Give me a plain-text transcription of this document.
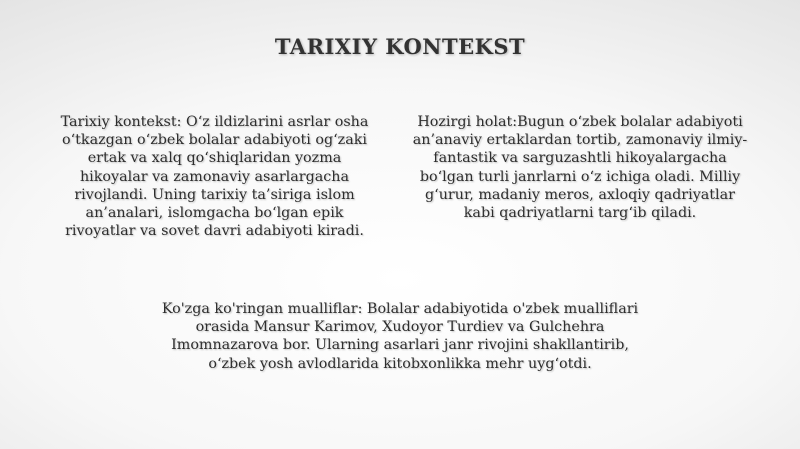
TARIXIY KONTEKST

Tarixiy kontekst: O‘z ildizlarini asrlar osha o‘tkazgan o‘zbek bolalar adabiyoti og‘zaki ertak va xalq qo‘shiqlaridan yozma hikoyalar va zamonaviy asarlargacha rivojlandi. Uning tarixiy ta’siriga islom an’analari, islomgacha bo‘lgan epik rivoyatlar va sovet davri adabiyoti kiradi.

Hozirgi holat:Bugun o‘zbek bolalar adabiyoti an’anaviy ertaklardan tortib, zamonaviy ilmiy-fantastik va sarguzashtli hikoyalargacha bo‘lgan turli janrlarni o‘z ichiga oladi. Milliy g‘urur, madaniy meros, axloqiy qadriyatlar kabi qadriyatlarni targ‘ib qiladi.

Ko'zga ko'ringan mualliflar: Bolalar adabiyotida o'zbek mualliflari orasida Mansur Karimov, Xudoyor Turdiev va Gulchehra Imomnazarova bor. Ularning asarlari janr rivojini shakllantirib, o‘zbek yosh avlodlarida kitobxonlikka mehr uyg‘otdi.
